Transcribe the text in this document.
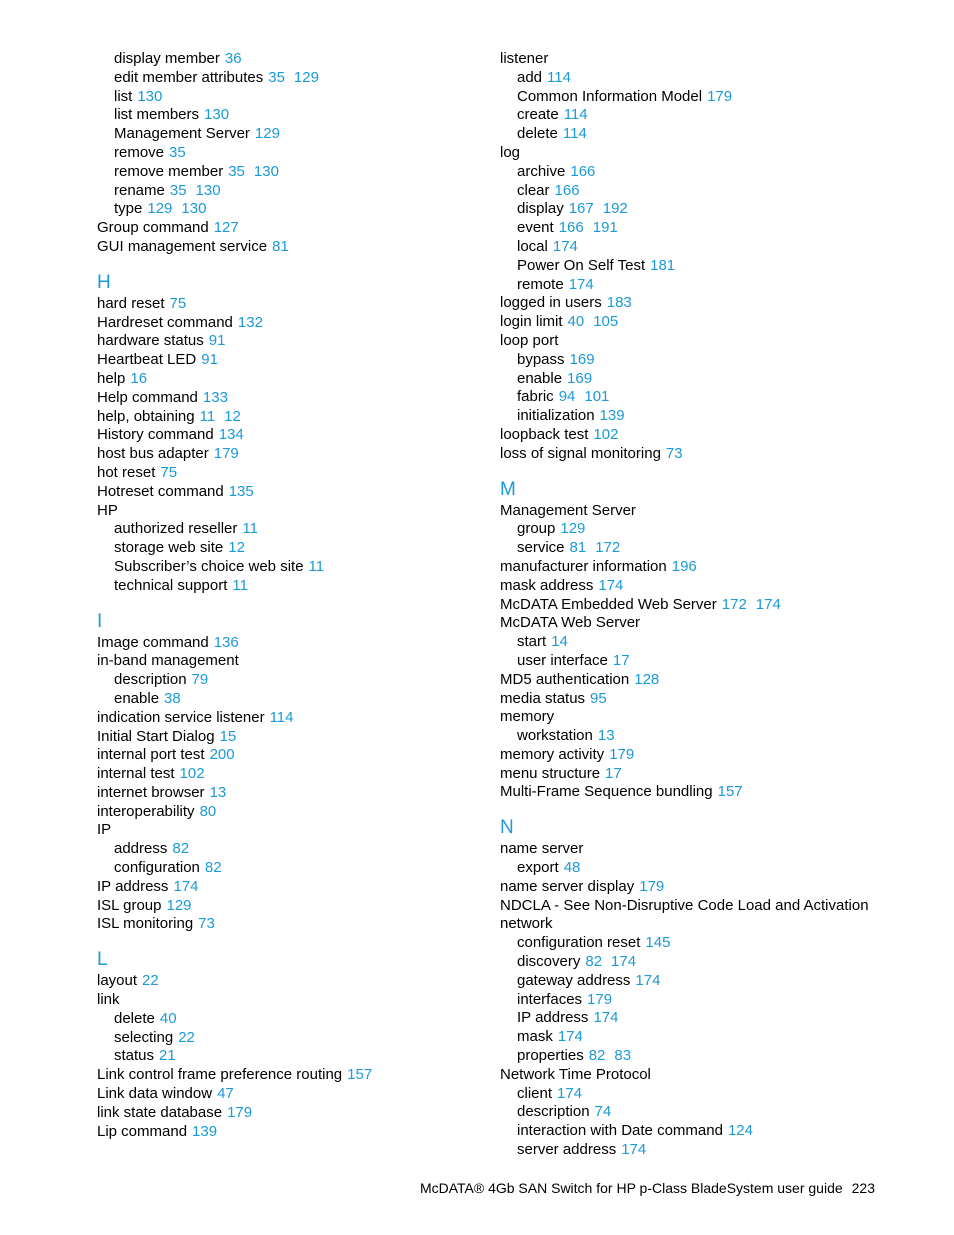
display member 36
edit member attributes 35 129
list 130
list members 130
Management Server 129
remove 35
remove member 35 130
rename 35 130
type 129 130
Group command 127
GUI management service 81
H
hard reset 75
Hardreset command 132
hardware status 91
Heartbeat LED 91
help 16
Help command 133
help, obtaining 11 12
History command 134
host bus adapter 179
hot reset 75
Hotreset command 135
HP
authorized reseller 11
storage web site 12
Subscriber’s choice web site 11
technical support 11
I
Image command 136
in-band management
description 79
enable 38
indication service listener 114
Initial Start Dialog 15
internal port test 200
internal test 102
internet browser 13
interoperability 80
IP
address 82
configuration 82
IP address 174
ISL group 129
ISL monitoring 73
L
layout 22
link
delete 40
selecting 22
status 21
Link control frame preference routing 157
Link data window 47
link state database 179
Lip command 139
listener
add 114
Common Information Model 179
create 114
delete 114
log
archive 166
clear 166
display 167 192
event 166 191
local 174
Power On Self Test 181
remote 174
logged in users 183
login limit 40 105
loop port
bypass 169
enable 169
fabric 94 101
initialization 139
loopback test 102
loss of signal monitoring 73
M
Management Server
group 129
service 81 172
manufacturer information 196
mask address 174
McDATA Embedded Web Server 172 174
McDATA Web Server
start 14
user interface 17
MD5 authentication 128
media status 95
memory
workstation 13
memory activity 179
menu structure 17
Multi-Frame Sequence bundling 157
N
name server
export 48
name server display 179
NDCLA - See Non-Disruptive Code Load and Activation
network
configuration reset 145
discovery 82 174
gateway address 174
interfaces 179
IP address 174
mask 174
properties 82 83
Network Time Protocol
client 174
description 74
interaction with Date command 124
server address 174
McDATA® 4Gb SAN Switch for HP p-Class BladeSystem user guide 223
